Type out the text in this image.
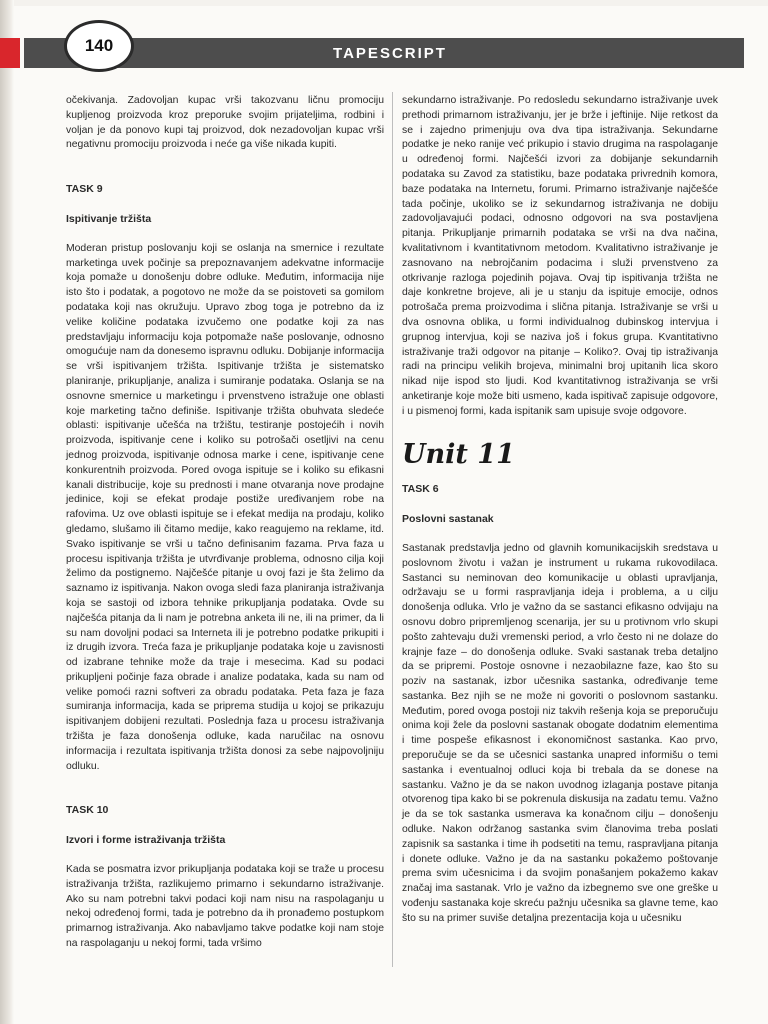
140	TAPESCRIPT

očekivanja. Zadovoljan kupac vrši takozvanu ličnu promociju kupljenog proizvoda kroz preporuke svojim prijateljima, rodbini i voljan je da ponovo kupi taj proizvod, dok nezadovoljan kupac vrši negativnu promociju proizvoda i neće ga više nikada kupiti.

TASK 9

Ispitivanje tržišta

Moderan pristup poslovanju koji se oslanja na smernice i rezultate marketinga uvek počinje sa prepoznavanjem adekvatne informacije koja pomaže u donošenju dobre odluke. Međutim, informacija nije isto što i podatak, a pogotovo ne može da se poistoveti sa gomilom podataka koji nas okružuju. Upravo zbog toga je potrebno da iz velike količine podataka izvučemo one podatke koji za nas predstavljaju informaciju koja potpomaže naše poslovanje, odnosno omogućuje nam da donesemo ispravnu odluku. Dobijanje informacija se vrši ispitivanjem tržišta. Ispitivanje tržišta je sistematsko planiranje, prikupljanje, analiza i sumiranje podataka. Oslanja se na osnovne smernice u marketingu i prvenstveno istražuje one oblasti koje marketing tačno definiše. Ispitivanje tržišta obuhvata sledeće oblasti: ispitivanje učešća na tržištu, testiranje postojećih i novih proizvoda, ispitivanje cene i koliko su potrošači osetljivi na cenu jednog proizvoda, ispitivanje odnosa marke i cene, ispitivanje cene konkurentnih proizvoda. Pored ovoga ispituje se i koliko su efikasni kanali distribucije, koje su prednosti i mane otvaranja nove prodajne jedinice, koji se efekat prodaje postiže uređivanjem robe na rafovima. Uz ove oblasti ispituje se i efekat medija na prodaju, koliko gledamo, slušamo ili čitamo medije, kako reagujemo na reklame, itd. Svako ispitivanje se vrši u tačno definisanim fazama. Prva faza u procesu ispitivanja tržišta je utvrđivanje problema, odnosno cilja koji želimo da postignemo. Najčešće pitanje u ovoj fazi je šta želimo da saznamo iz ispitivanja. Nakon ovoga sledi faza planiranja istraživanja koja se sastoji od izbora tehnike prikupljanja podataka. Ovde su najčešća pitanja da li nam je potrebna anketa ili ne, ili na primer, da li su nam dovoljni podaci sa Interneta ili je potrebno podatke prikupiti i iz drugih izvora. Treća faza je prikupljanje podataka koje u zavisnosti od izabrane tehnike može da traje i mesecima. Kad su podaci prikupljeni počinje faza obrade i analize podataka, kada su nam od velike pomoći razni softveri za obradu podataka. Peta faza je faza sumiranja informacija, kada se priprema studija u kojoj se prikazuju ispitivanjem dobijeni rezultati. Poslednja faza u procesu istraživanja tržišta je faza donošenja odluke, kada naručilac na osnovu informacija i rezultata ispitivanja tržišta donosi za sebe najpovoljniju odluku.

TASK 10

Izvori i forme istraživanja tržišta

Kada se posmatra izvor prikupljanja podataka koji se traže u procesu istraživanja tržišta, razlikujemo primarno i sekundarno istraživanje. Ako su nam potrebni takvi podaci koji nam nisu na raspolaganju u nekoj određenoj formi, tada je potrebno da ih pronađemo postupkom primarnog istraživanja. Ako nabavljamo takve podatke koji nam stoje na raspolaganju u nekoj formi, tada vršimo

sekundarno istraživanje. Po redosledu sekundarno istraživanje uvek prethodi primarnom istraživanju, jer je brže i jeftinije. Nije retkost da se i zajedno primenjuju ova dva tipa istraživanja. Sekundarne podatke je neko ranije već prikupio i stavio drugima na raspolaganje u određenoj formi. Najčešći izvori za dobijanje sekundarnih podataka su Zavod za statistiku, baze podataka privrednih komora, baze podataka na Internetu, forumi. Primarno istraživanje najčešće tada počinje, ukoliko se iz sekundarnog istraživanja ne dobiju zadovoljavajući podaci, odnosno odgovori na sva postavljena pitanja. Prikupljanje primarnih podataka se vrši na dva načina, kvalitativnom i kvantitativnom metodom. Kvalitativno istraživanje je zasnovano na nebrojčanim podacima i služi prvenstveno za otkrivanje razloga pojedinih pojava. Ovaj tip ispitivanja tržišta ne daje konkretne brojeve, ali je u stanju da ispituje emocije, odnos potrošača prema proizvodima i slična pitanja. Istraživanje se vrši u dva osnovna oblika, u formi individualnog dubinskog intervjua i grupnog intervjua, koji se naziva još i fokus grupa. Kvantitativno istraživanje traži odgovor na pitanje – Koliko?. Ovaj tip istraživanja radi na principu velikih brojeva, minimalni broj upitanih lica skoro nikad nije ispod sto ljudi. Kod kvantitativnog istraživanja se vrši anketiranje koje može biti usmeno, kada ispitivač zapisuje odgovore, i u pismenoj formi, kada ispitanik sam upisuje svoje odgovore.

Unit 11

TASK 6

Poslovni sastanak

Sastanak predstavlja jedno od glavnih komunikacijskih sredstava u poslovnom životu i važan je instrument u rukama rukovodilaca. Sastanci su neminovan deo komunikacije u oblasti upravljanja, održavaju se u formi raspravljanja ideja i problema, a u cilju donošenja odluka. Vrlo je važno da se sastanci efikasno odvijaju na osnovu dobro pripremljenog scenarija, jer su u protivnom vrlo skupi pošto zahtevaju duži vremenski period, a vrlo često ni ne dolaze do krajnje faze – do donošenja odluke. Svaki sastanak treba detaljno da se pripremi. Postoje osnovne i nezaobilazne faze, kao što su poziv na sastanak, izbor učesnika sastanka, određivanje teme sastanka. Bez njih se ne može ni govoriti o poslovnom sastanku. Međutim, pored ovoga postoji niz takvih rešenja koja se preporučuju onima koji žele da poslovni sastanak obogate dodatnim elementima i time pospeše efikasnost i ekonomičnost sastanka. Kao prvo, preporučuje se da se učesnici sastanka unapred informišu o temi sastanka i eventualnoj odluci koja bi trebala da se donese na sastanku. Važno je da se nakon uvodnog izlaganja postave pitanja otvorenog tipa kako bi se pokrenula diskusija na zadatu temu. Važno je da se tok sastanka usmerava ka konačnom cilju – donošenju odluke. Nakon održanog sastanka svim članovima treba poslati zapisnik sa sastanka i time ih podsetiti na temu, raspravljana pitanja i donete odluke. Važno je da na sastanku pokažemo poštovanje prema svim učesnicima i da svojim ponašanjem pokažemo kakav značaj ima sastanak. Vrlo je važno da izbegnemo sve one greške u vođenju sastanaka koje skreću pažnju učesnika sa glavne teme, kao što su na primer suviše detaljna prezentacija koja u učesniku
